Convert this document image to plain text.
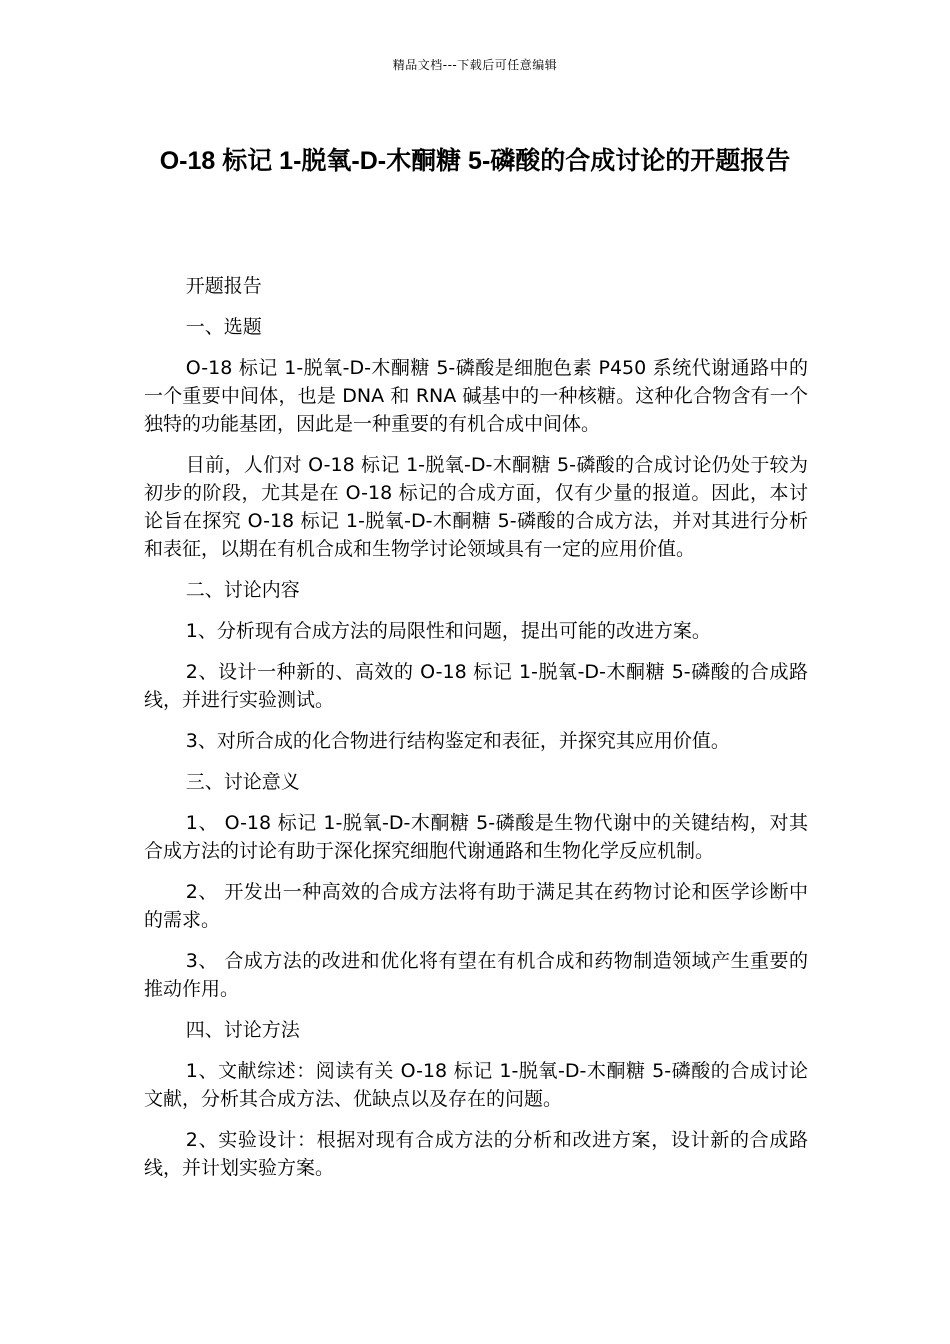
精品文档---下载后可任意编辑
O-18 标记 1-脱氧-D-木酮糖 5-磷酸的合成讨论的开题报告

开题报告

一、选题

O-18 标记 1-脱氧-D-木酮糖 5-磷酸是细胞色素 P450 系统代谢通路中的一个重要中间体，也是 DNA 和 RNA 碱基中的一种核糖。这种化合物含有一个独特的功能基团，因此是一种重要的有机合成中间体。

目前，人们对 O-18 标记 1-脱氧-D-木酮糖 5-磷酸的合成讨论仍处于较为初步的阶段，尤其是在 O-18 标记的合成方面，仅有少量的报道。因此，本讨论旨在探究 O-18 标记 1-脱氧-D-木酮糖 5-磷酸的合成方法，并对其进行分析和表征，以期在有机合成和生物学讨论领域具有一定的应用价值。

二、讨论内容

1、分析现有合成方法的局限性和问题，提出可能的改进方案。

2、设计一种新的、高效的 O-18 标记 1-脱氧-D-木酮糖 5-磷酸的合成路线，并进行实验测试。

3、对所合成的化合物进行结构鉴定和表征，并探究其应用价值。

三、讨论意义

1、 O-18 标记 1-脱氧-D-木酮糖 5-磷酸是生物代谢中的关键结构，对其合成方法的讨论有助于深化探究细胞代谢通路和生物化学反应机制。

2、 开发出一种高效的合成方法将有助于满足其在药物讨论和医学诊断中的需求。

3、 合成方法的改进和优化将有望在有机合成和药物制造领域产生重要的推动作用。

四、讨论方法

1、文献综述：阅读有关 O-18 标记 1-脱氧-D-木酮糖 5-磷酸的合成讨论文献，分析其合成方法、优缺点以及存在的问题。

2、实验设计：根据对现有合成方法的分析和改进方案，设计新的合成路线，并计划实验方案。
